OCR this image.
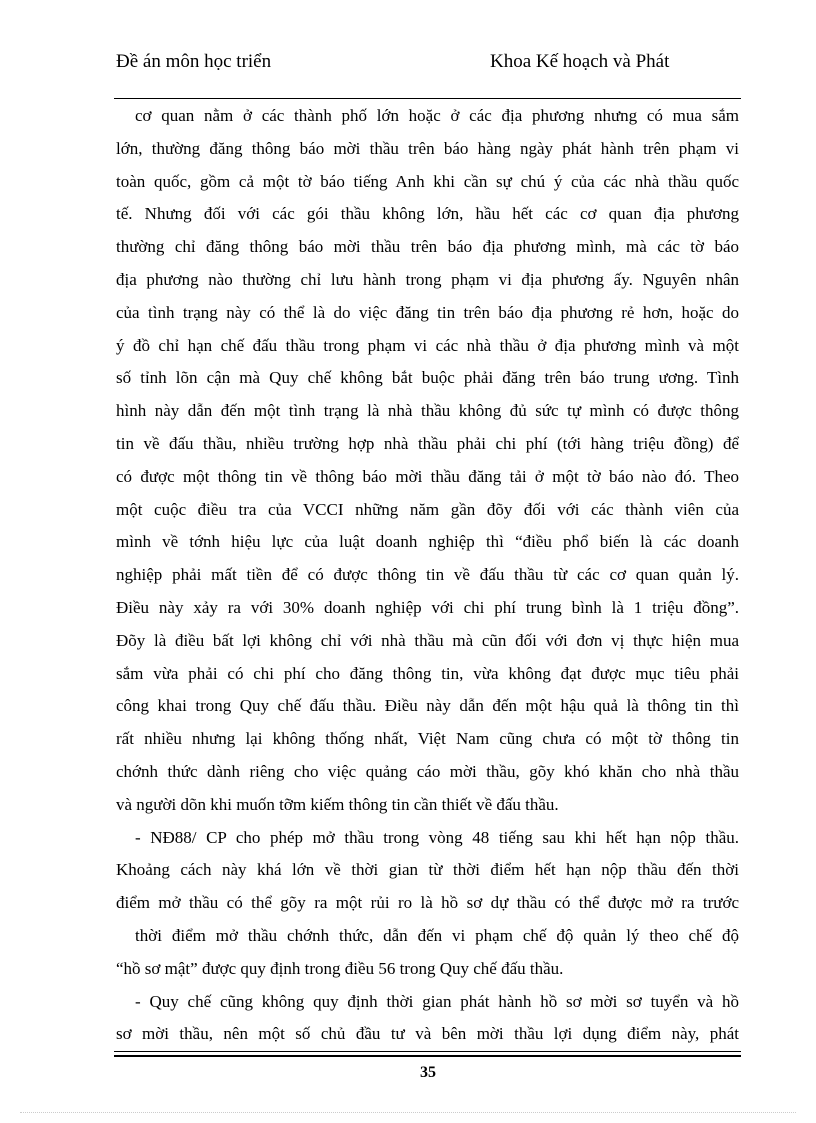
Đề án môn học triển	Khoa Kế hoạch và Phát
cơ quan nằm ở các thành phố lớn hoặc ở các địa phương nhưng có mua sắm
lớn, thường đăng thông báo mời thầu trên báo hàng ngày phát hành trên phạm vi
toàn quốc, gồm cả một tờ báo tiếng Anh khi cần sự chú ý của các nhà thầu quốc
tế. Nhưng đối với các gói thầu không lớn, hầu hết các cơ quan địa phương
thường chỉ đăng thông báo mời thầu trên báo địa phương mình, mà các tờ báo
địa phương nào thường chỉ lưu hành trong phạm vi địa phương ấy. Nguyên nhân
của tình trạng này có thể là do việc đăng tin trên báo địa phương rẻ hơn, hoặc do
ý đồ chỉ hạn chế đấu thầu trong phạm vi các nhà thầu ở địa phương mình và một
số tỉnh lõn cận mà Quy chế không bắt buộc phải đăng trên báo trung ương. Tình
hình này dẫn đến một tình trạng là nhà thầu không đủ sức tự mình có được thông
tin về đấu thầu, nhiều trường hợp nhà thầu phải chi phí (tới hàng triệu đồng) để
có được một thông tin về thông báo mời thầu đăng tải ở một tờ báo nào đó. Theo
một cuộc điều tra của VCCI những năm gần đõy đối với các thành viên của
mình về tớnh hiệu lực của luật doanh nghiệp thì “điều phổ biến là các doanh
nghiệp phải mất tiền để có được thông tin về đấu thầu từ các cơ quan quản lý.
Điều này xảy ra với 30% doanh nghiệp với chi phí trung bình là 1 triệu đồng”.
Đõy là điều bất lợi không chỉ với nhà thầu mà cũn đối với đơn vị thực hiện mua
sắm vừa phải có chi phí cho đăng thông tin, vừa không đạt được mục tiêu phải
công khai trong Quy chế đấu thầu. Điều này dẫn đến một hậu quả là thông tin thì
rất nhiều nhưng lại không thống nhất, Việt Nam cũng chưa có một tờ thông tin
chớnh thức dành riêng cho việc quảng cáo mời thầu, gõy khó khăn cho nhà thầu
và người dõn khi muốn tỡm kiếm thông tin cần thiết về đấu thầu.
- NĐ88/ CP cho phép mở thầu trong vòng 48 tiếng sau khi hết hạn nộp thầu.
Khoảng cách này khá lớn về thời gian từ thời điểm hết hạn nộp thầu đến thời
điểm mở thầu có thể gõy ra một rủi ro là hồ sơ dự thầu có thể được mở ra trước
thời điểm mở thầu chớnh thức, dẫn đến vi phạm chế độ quản lý theo chế độ
“hồ sơ mật” được quy định trong điều 56 trong Quy chế đấu thầu.
- Quy chế cũng không quy định thời gian phát hành hồ sơ mời sơ tuyển và hồ
sơ mời thầu, nên một số chủ đầu tư và bên mời thầu lợi dụng điểm này, phát
35
